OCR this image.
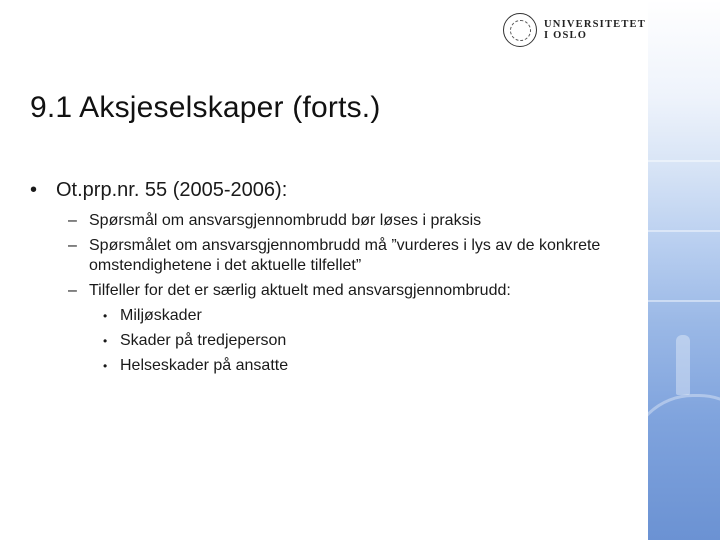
UNIVERSITETET
I OSLO
9.1 Aksjeselskaper (forts.)
• Ot.prp.nr. 55 (2005-2006):
– Spørsmål om ansvarsgjennombrudd bør løses i praksis
– Spørsmålet om ansvarsgjennombrudd må ”vurderes i lys av de konkrete omstendighetene i det aktuelle tilfellet”
– Tilfeller for det er særlig aktuelt med ansvarsgjennombrudd:
• Miljøskader
• Skader på tredjeperson
• Helseskader på ansatte
